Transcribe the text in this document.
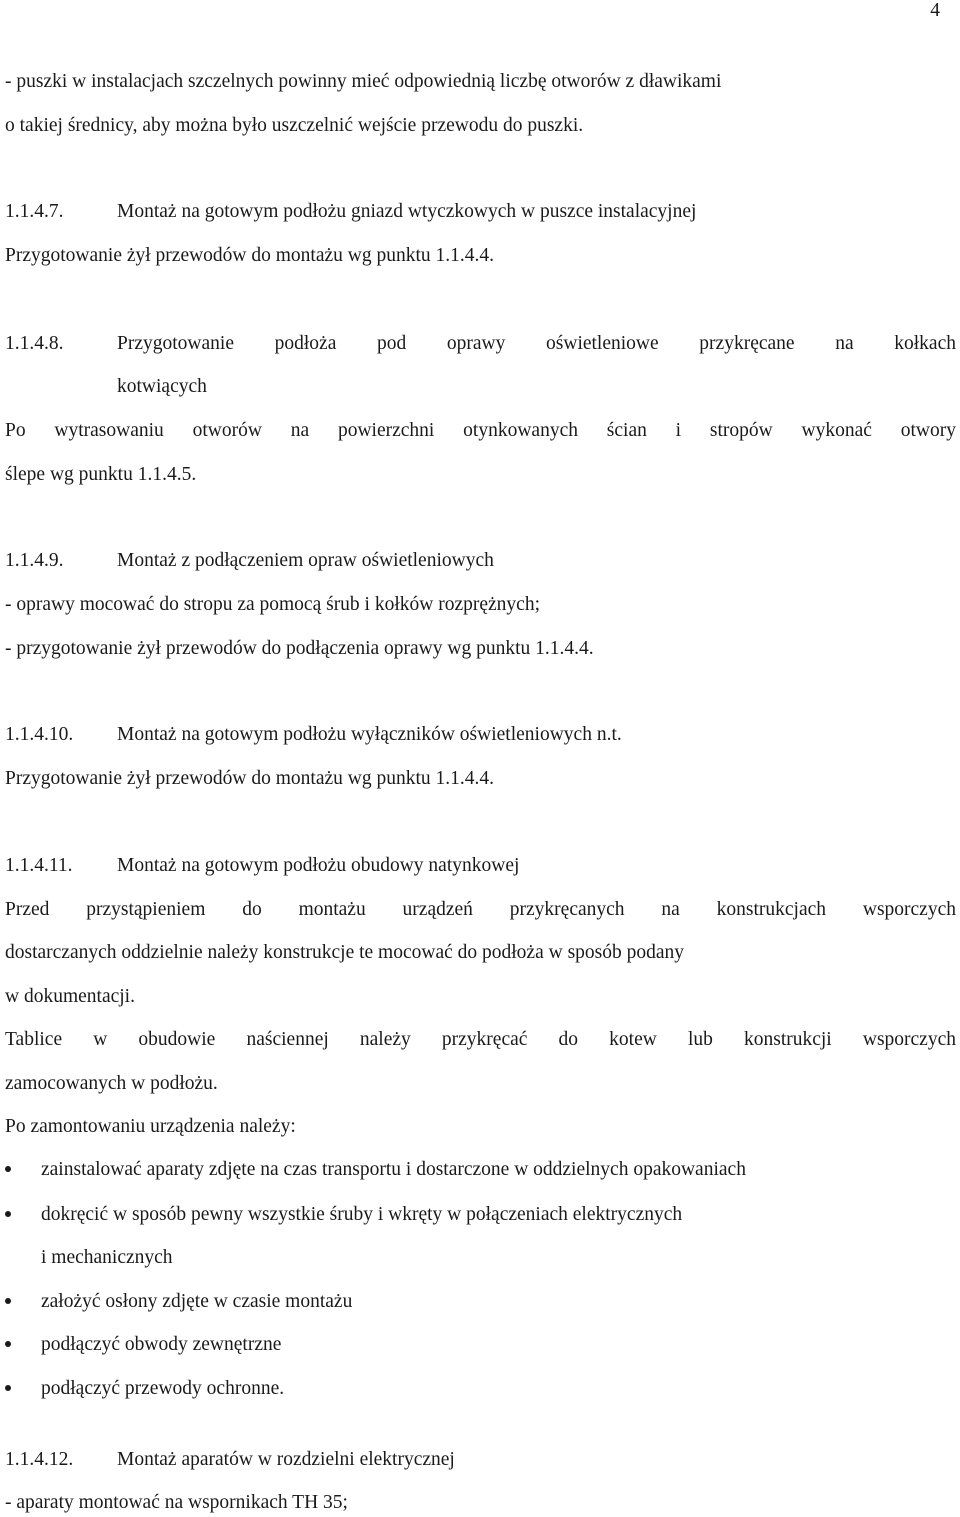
4
- puszki w instalacjach szczelnych powinny mieć odpowiednią liczbę otworów z dławikami
o takiej średnicy, aby można było uszczelnić wejście przewodu do puszki.
1.1.4.7.	Montaż na gotowym podłożu gniazd wtyczkowych w puszce instalacyjnej
Przygotowanie żył przewodów do montażu wg punktu 1.1.4.4.
1.1.4.8.	Przygotowanie podłoża pod oprawy oświetleniowe przykręcane na kołkach
kotwiących
Po wytrasowaniu otworów na powierzchni otynkowanych ścian i stropów wykonać otwory
ślepe wg punktu 1.1.4.5.
1.1.4.9.	Montaż z podłączeniem opraw oświetleniowych
- oprawy mocować do stropu za pomocą śrub i kołków rozprężnych;
- przygotowanie żył przewodów do podłączenia oprawy wg punktu 1.1.4.4.
1.1.4.10. Montaż na gotowym podłożu wyłączników oświetleniowych n.t.
Przygotowanie żył przewodów do montażu wg punktu 1.1.4.4.
1.1.4.11. Montaż na gotowym podłożu obudowy natynkowej
Przed przystąpieniem do montażu urządzeń przykręcanych na konstrukcjach wsporczych
dostarczanych oddzielnie należy konstrukcje te mocować do podłoża w sposób podany
w dokumentacji.
Tablice w obudowie naściennej należy przykręcać do kotew lub konstrukcji wsporczych
zamocowanych w podłożu.
Po zamontowaniu urządzenia należy:
zainstalować aparaty zdjęte na czas transportu i dostarczone w oddzielnych opakowaniach
dokręcić w sposób pewny wszystkie śruby i wkręty w połączeniach elektrycznych
i mechanicznych
założyć osłony zdjęte w czasie montażu
podłączyć obwody zewnętrzne
podłączyć przewody ochronne.
1.1.4.12. Montaż aparatów w rozdzielni elektrycznej
- aparaty montować na wspornikach TH 35;
